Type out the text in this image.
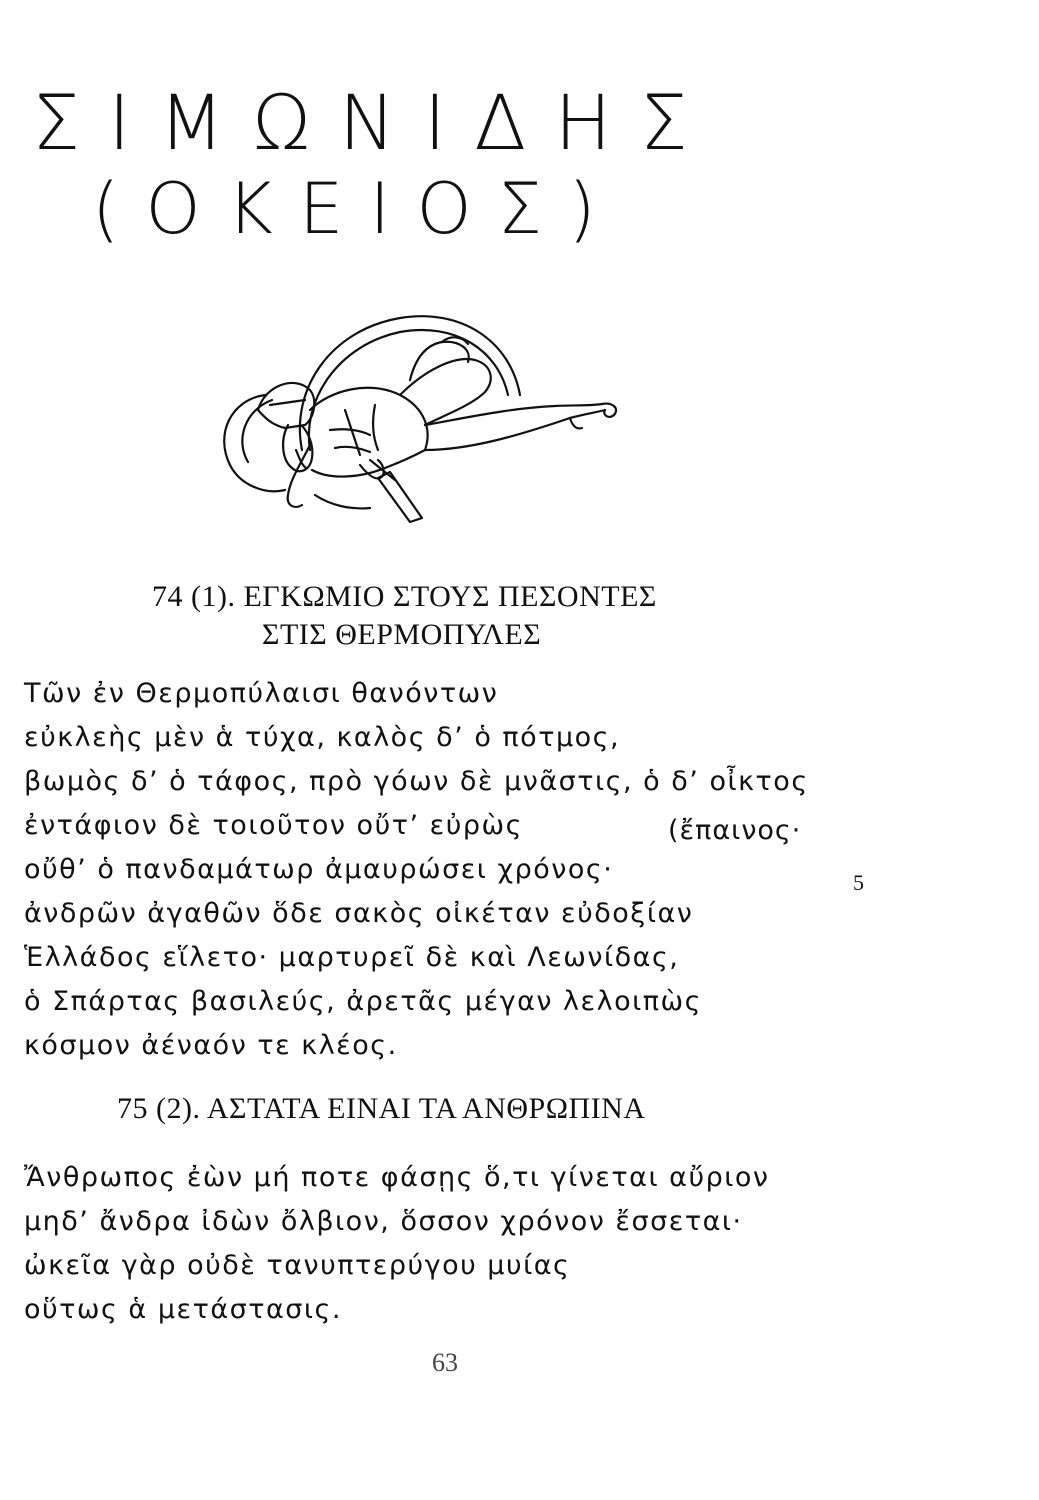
Σ Ι Μ Ω Ν Ι Δ Η Σ
( Ο Κ Ε Ι Ο Σ )
74 (1). ΕΓΚΩΜΙΟ ΣΤΟΥΣ ΠΕΣΟΝΤΕΣ
ΣΤΙΣ ΘΕΡΜΟΠΥΛΕΣ
Τῶν ἐν Θερμοπύλαισι θανόντων
εὐκλεὴς μὲν ἁ τύχα, καλὸς δ’ ὁ πότμος,
βωμὸς δ’ ὁ τάφος, πρὸ γόων δὲ μνᾶστις, ὁ δ’ οἶκτος
ἐντάφιον δὲ τοιοῦτον οὔτ’ εὐρὼς	(ἔπαινος·
οὔθ’ ὁ πανδαμάτωρ ἀμαυρώσει χρόνος·	5
ἀνδρῶν ἀγαθῶν ὅδε σακὸς οἰκέταν εὐδοξίαν
Ἑλλάδος εἵλετο· μαρτυρεῖ δὲ καὶ Λεωνίδας,
ὁ Σπάρτας βασιλεύς, ἀρετᾶς μέγαν λελοιπὼς
κόσμον ἀέναόν τε κλέος.
75 (2). ΑΣΤΑΤΑ ΕΙΝΑΙ ΤΑ ΑΝΘΡΩΠΙΝΑ
Ἄνθρωπος ἐὼν μή ποτε φάσῃς ὅ,τι γίνεται αὔριον
μηδ’ ἄνδρα ἰδὼν ὄλβιον, ὅσσον χρόνον ἔσσεται·
ὠκεῖα γὰρ οὐδὲ τανυπτερύγου μυίας
οὕτως ἁ μετάστασις.
63
